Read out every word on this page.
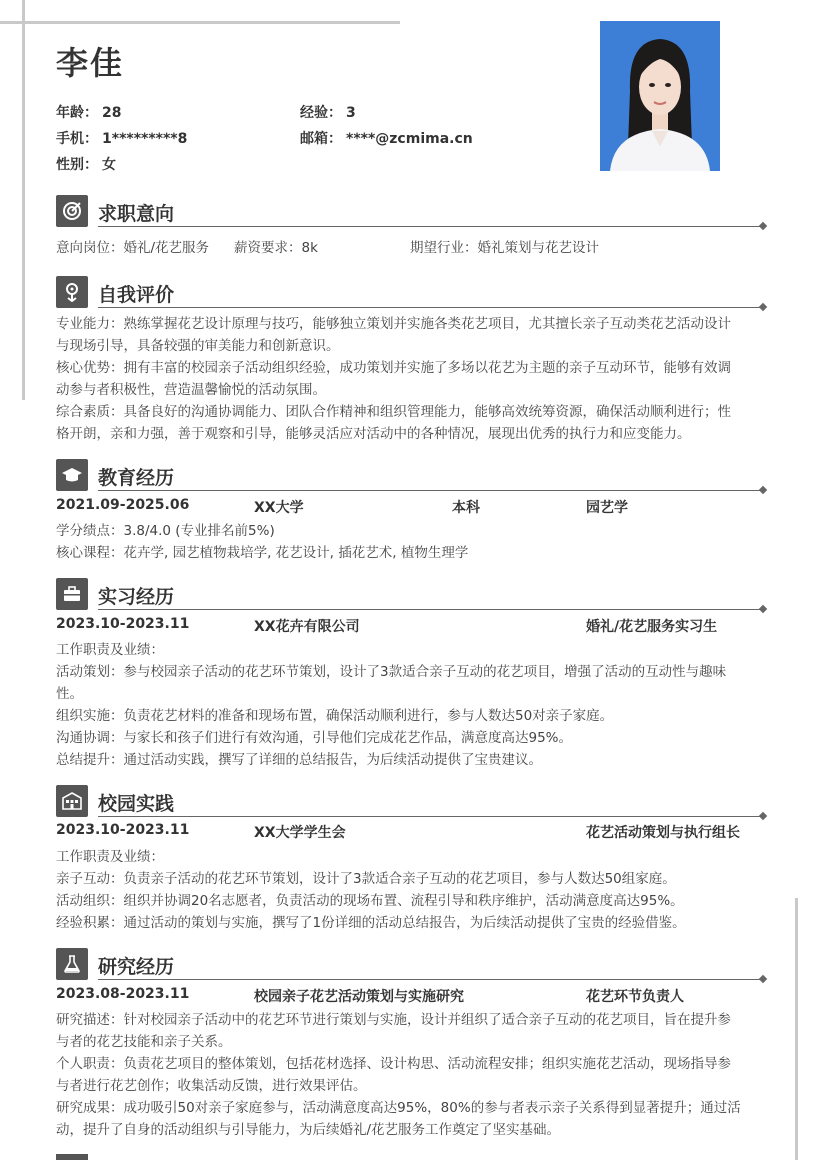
李佳
年龄： 28	经验： 3
手机： 1*********8	邮箱： ****@zcmima.cn
性别： 女
求职意向
意向岗位：婚礼/花艺服务 薪资要求：8k	期望行业：婚礼策划与花艺设计
自我评价
专业能力：熟练掌握花艺设计原理与技巧，能够独立策划并实施各类花艺项目，尤其擅长亲子互动类花艺活动设计
与现场引导，具备较强的审美能力和创新意识。
核心优势：拥有丰富的校园亲子活动组织经验，成功策划并实施了多场以花艺为主题的亲子互动环节，能够有效调
动参与者积极性，营造温馨愉悦的活动氛围。
综合素质：具备良好的沟通协调能力、团队合作精神和组织管理能力，能够高效统筹资源，确保活动顺利进行；性
格开朗，亲和力强，善于观察和引导，能够灵活应对活动中的各种情况，展现出优秀的执行力和应变能力。
教育经历
2021.09-2025.06	XX大学	本科	园艺学
学分绩点：3.8/4.0 (专业排名前5%)
核心课程：花卉学, 园艺植物栽培学, 花艺设计, 插花艺术, 植物生理学
实习经历
2023.10-2023.11	XX花卉有限公司	婚礼/花艺服务实习生
工作职责及业绩：
活动策划：参与校园亲子活动的花艺环节策划，设计了3款适合亲子互动的花艺项目，增强了活动的互动性与趣味
性。
组织实施：负责花艺材料的准备和现场布置，确保活动顺利进行，参与人数达50对亲子家庭。
沟通协调：与家长和孩子们进行有效沟通，引导他们完成花艺作品，满意度高达95%。
总结提升：通过活动实践，撰写了详细的总结报告，为后续活动提供了宝贵建议。
校园实践
2023.10-2023.11	XX大学学生会	花艺活动策划与执行组长
工作职责及业绩：
亲子互动：负责亲子活动的花艺环节策划，设计了3款适合亲子互动的花艺项目，参与人数达50组家庭。
活动组织：组织并协调20名志愿者，负责活动的现场布置、流程引导和秩序维护，活动满意度高达95%。
经验积累：通过活动的策划与实施，撰写了1份详细的活动总结报告，为后续活动提供了宝贵的经验借鉴。
研究经历
2023.08-2023.11	校园亲子花艺活动策划与实施研究	花艺环节负责人
研究描述：针对校园亲子活动中的花艺环节进行策划与实施，设计并组织了适合亲子互动的花艺项目，旨在提升参
与者的花艺技能和亲子关系。
个人职责：负责花艺项目的整体策划，包括花材选择、设计构思、活动流程安排；组织实施花艺活动，现场指导参
与者进行花艺创作；收集活动反馈，进行效果评估。
研究成果：成功吸引50对亲子家庭参与，活动满意度高达95%，80%的参与者表示亲子关系得到显著提升；通过活
动，提升了自身的活动组织与引导能力，为后续婚礼/花艺服务工作奠定了坚实基础。
